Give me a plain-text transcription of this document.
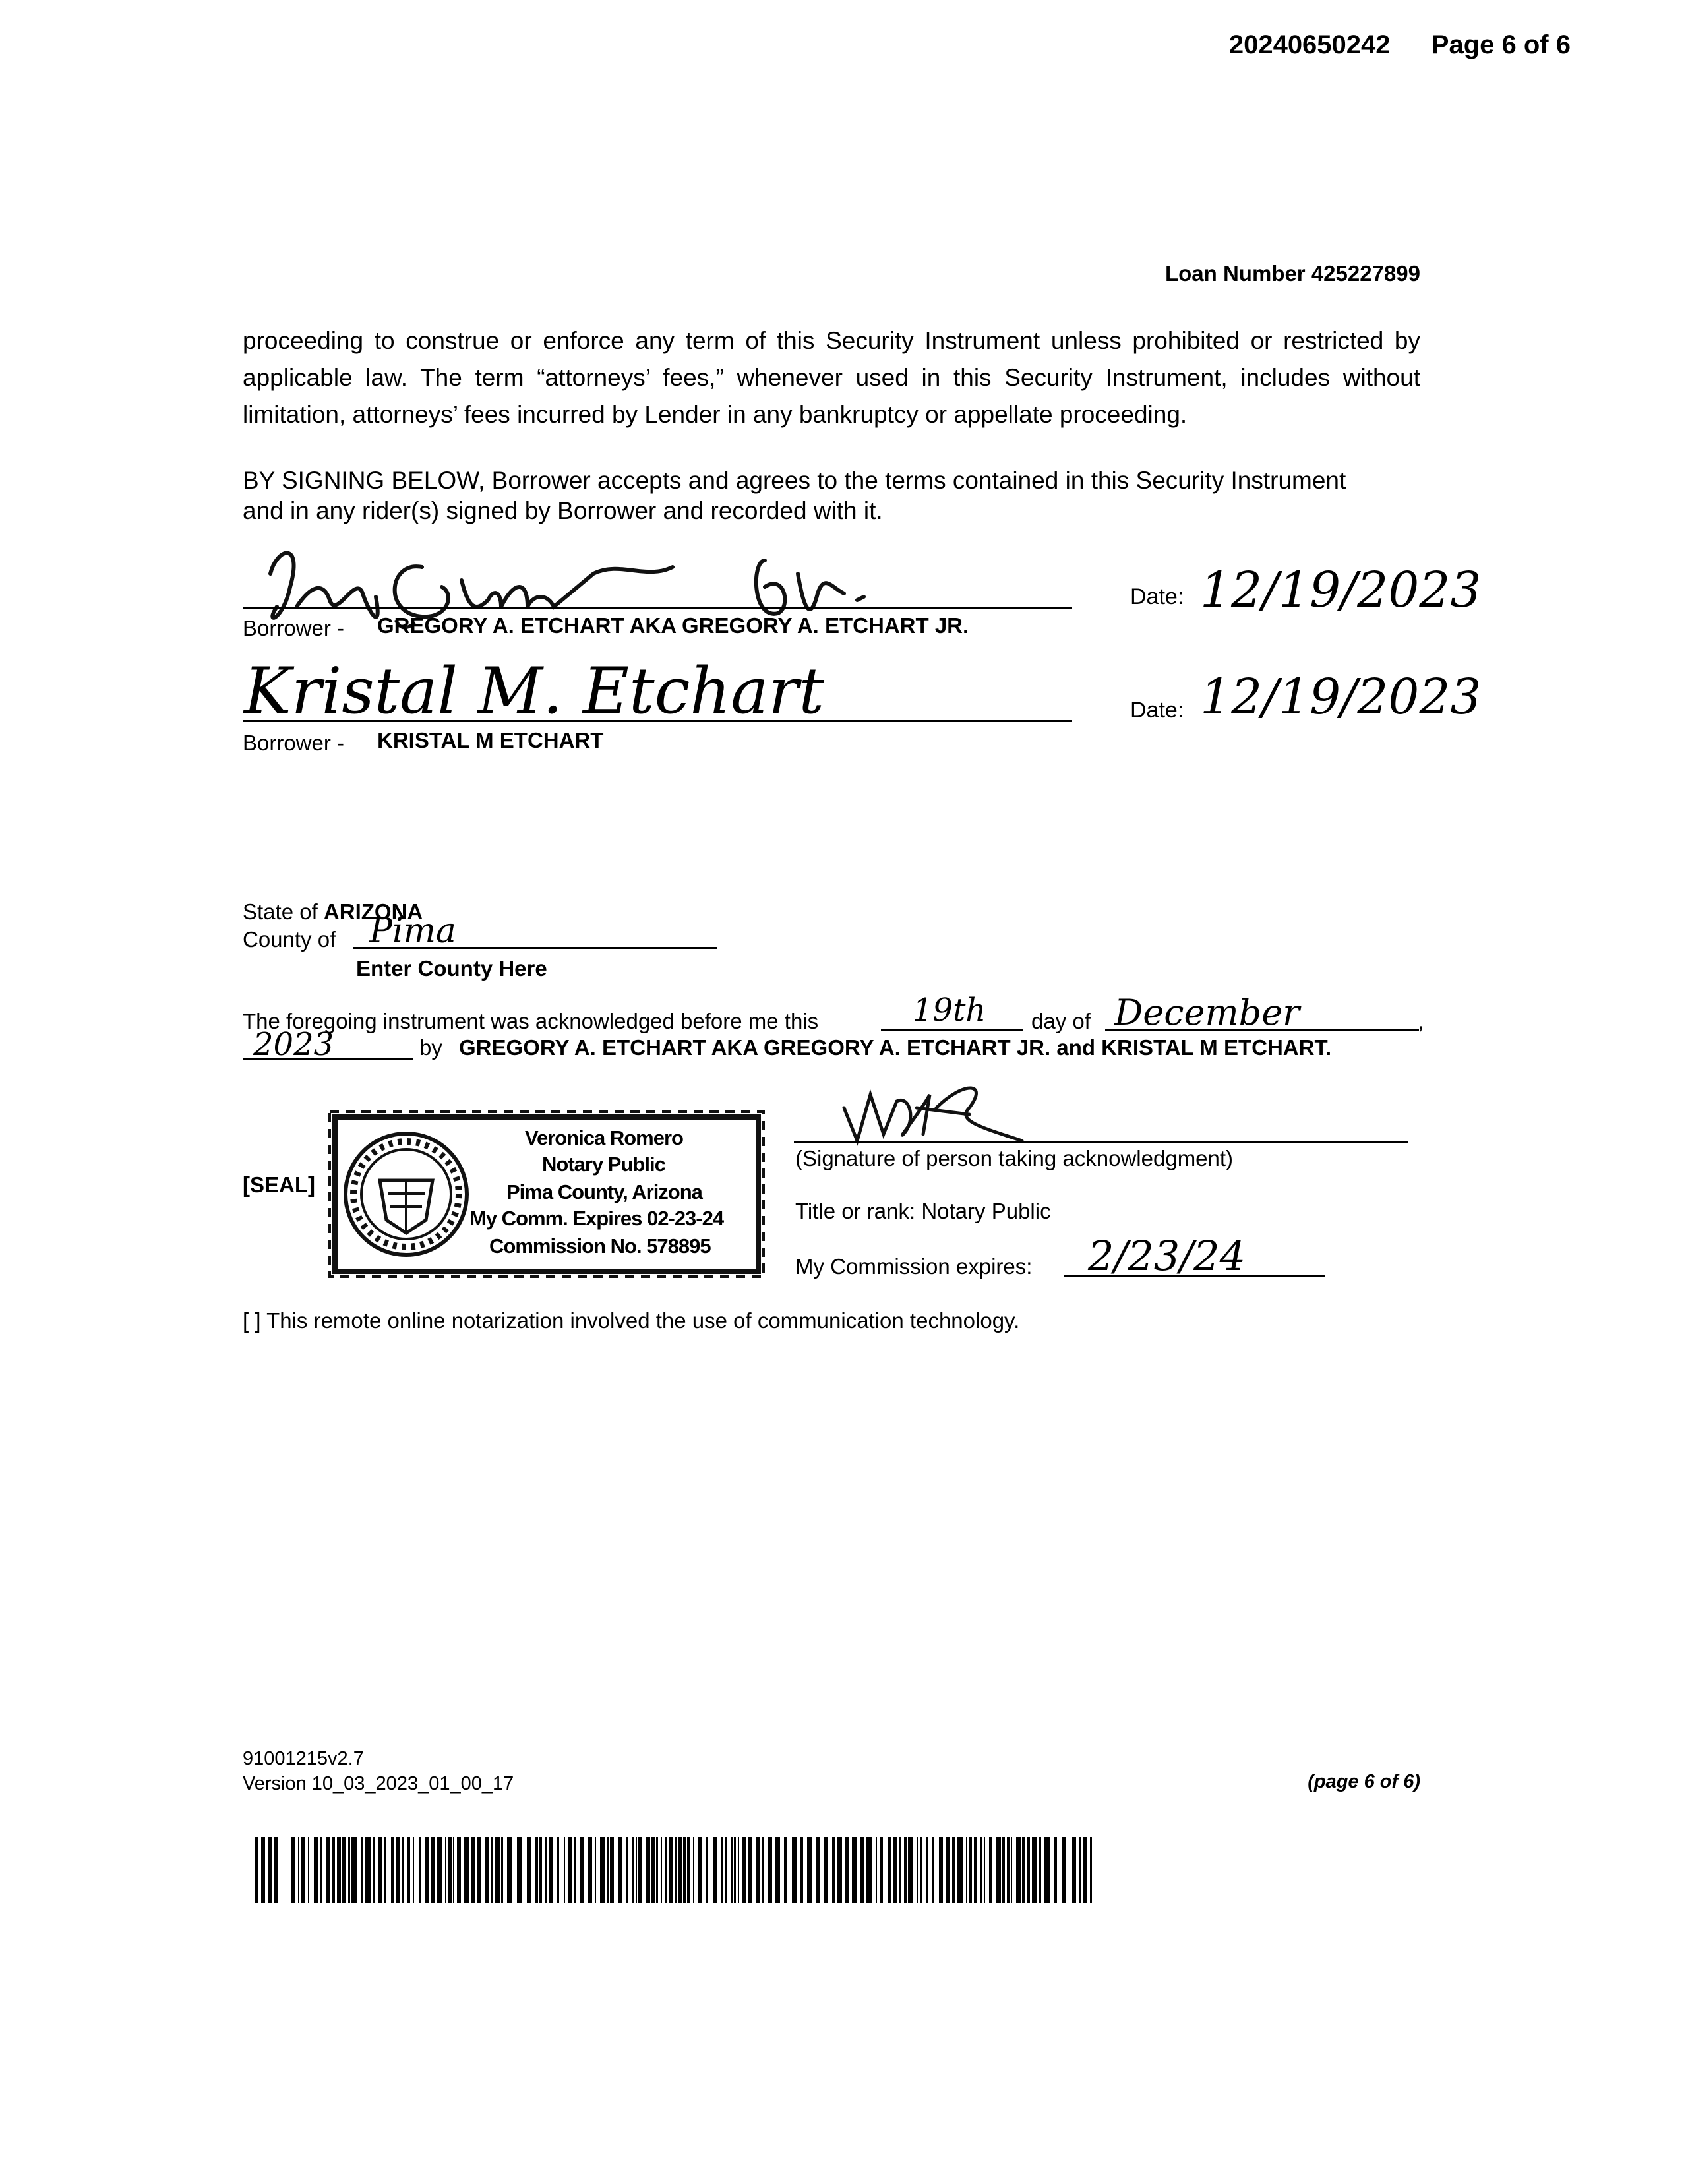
20240650242 Page 6 of 6
Loan Number 425227899

proceeding to construe or enforce any term of this Security Instrument unless prohibited or restricted by applicable law. The term “attorneys’ fees,” whenever used in this Security Instrument, includes without limitation, attorneys’ fees incurred by Lender in any bankruptcy or appellate proceeding.

BY SIGNING BELOW, Borrower accepts and agrees to the terms contained in this Security Instrument
and in any rider(s) signed by Borrower and recorded with it.
Borrower - GREGORY A. ETCHART AKA GREGORY A. ETCHART JR.
Date: 12/19/2023
Kristal M. Etchart
Borrower - KRISTAL M ETCHART
Date: 12/19/2023
State of ARIZONA
County of Pima
Enter County Here
The foregoing instrument was acknowledged before me this	19th day of December	,
2023	by GREGORY A. ETCHART AKA GREGORY A. ETCHART JR. and KRISTAL M ETCHART.
[SEAL]
Veronica Romero
Notary Public
Pima County, Arizona
My Comm. Expires 02-23-24
Commission No. 578895
(Signature of person taking acknowledgment)
Title or rank: Notary Public
My Commission expires: 2/23/24
[ ] This remote online notarization involved the use of communication technology.
91001215v2.7
Version 10_03_2023_01_00_17	(page 6 of 6)
